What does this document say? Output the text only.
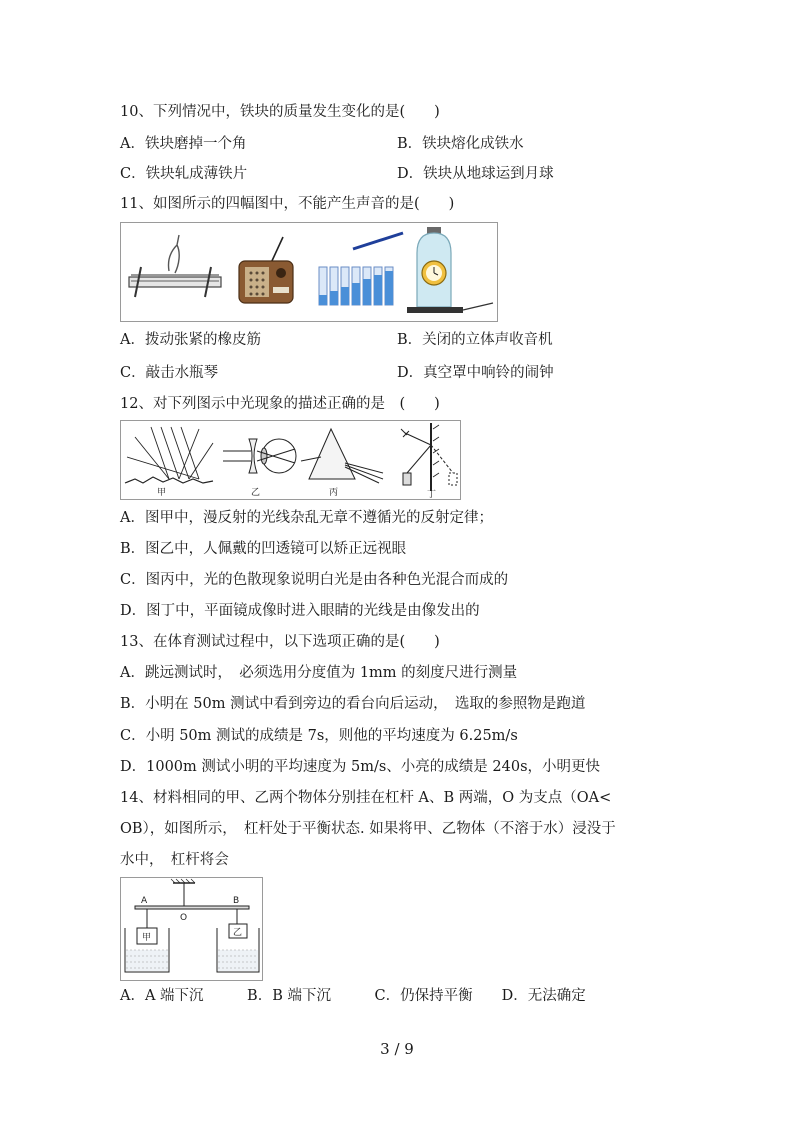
10、下列情况中，铁块的质量发生变化的是(　　)
A．铁块磨掉一个角	B．铁块熔化成铁水
C．铁块轧成薄铁片	D．铁块从地球运到月球
11、如图所示的四幅图中，不能产生声音的是(　　)
A．拨动张紧的橡皮筋	B．关闭的立体声收音机
C．敲击水瓶琴	D．真空罩中响铃的闹钟
12、对下列图示中光现象的描述正确的是　(　　)
甲	乙	丙	丁
A．图甲中，漫反射的光线杂乱无章不遵循光的反射定律；
B．图乙中，人佩戴的凹透镜可以矫正远视眼
C．图丙中，光的色散现象说明白光是由各种色光混合而成的
D．图丁中，平面镜成像时进入眼睛的光线是由像发出的
13、在体育测试过程中，以下选项正确的是(　　)
A．跳远测试时，　必须选用分度值为 1mm 的刻度尺进行测量
B．小明在 50m 测试中看到旁边的看台向后运动，　选取的参照物是跑道
C．小明 50m 测试的成绩是 7s，则他的平均速度为 6.25m/s
D．1000m 测试小明的平均速度为 5m/s、小亮的成绩是 240s，小明更快
14、材料相同的甲、乙两个物体分别挂在杠杆 A、B 两端，O 为支点（OA<
OB），如图所示，　杠杆处于平衡状态. 如果将甲、乙物体（不溶于水）浸没于
水中，　杠杆将会
A	B
O
甲	乙
A．A 端下沉　　　B．B 端下沉　　　C．仍保持平衡　　D．无法确定
3 / 9
